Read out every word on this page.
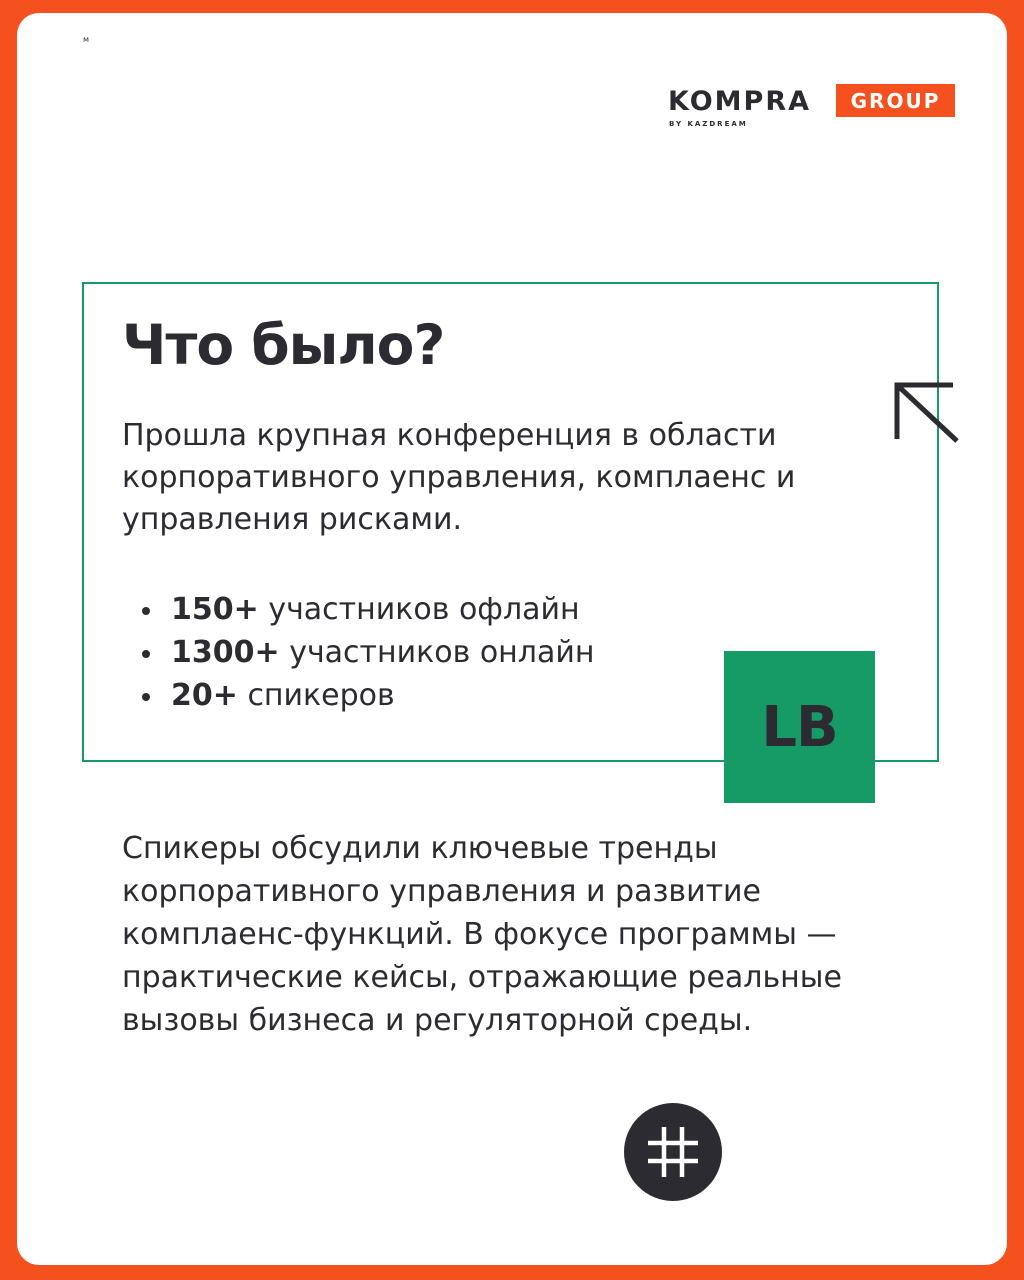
м
KOMPRA	GROUP
BY KAZDREAM
Что было?

Прошла крупная конференция в области корпоративного управления, комплаенс и управления рисками.

150+ участников офлайн
1300+ участников онлайн
20+ спикеров	LB

Спикеры обсудили ключевые тренды корпоративного управления и развитие комплаенс-функций. В фокусе программы — практические кейсы, отражающие реальные вызовы бизнеса и регуляторной среды.
